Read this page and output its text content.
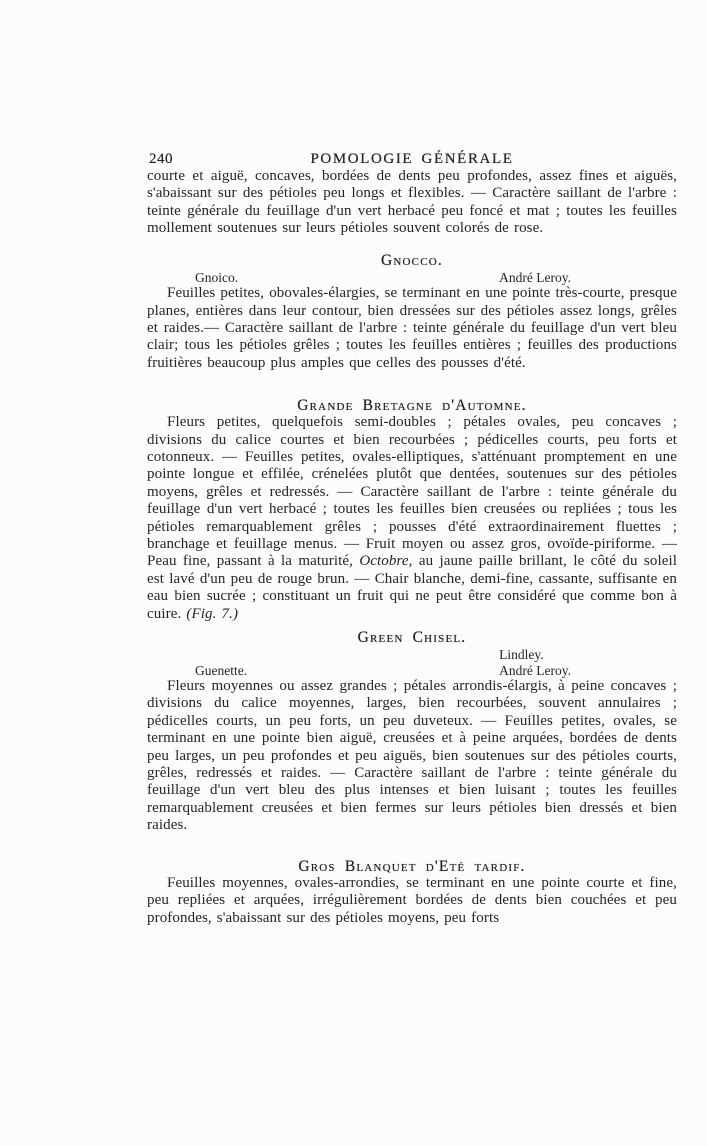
240	POMOLOGIE GÉNÉRALE

courte et aiguë, concaves, bordées de dents peu profondes, assez fines et aiguës, s'abaissant sur des pétioles peu longs et flexibles. — Caractère saillant de l'arbre : teinte générale du feuillage d'un vert herbacé peu foncé et mat ; toutes les feuilles mollement soutenues sur leurs pétioles souvent colorés de rose.

Gnocco.
Gnoico.	André Leroy.

Feuilles petites, obovales-élargies, se terminant en une pointe très-courte, presque planes, entières dans leur contour, bien dressées sur des pétioles assez longs, grêles et raides.— Caractère saillant de l'arbre : teinte générale du feuillage d'un vert bleu clair; tous les pétioles grêles ; toutes les feuilles entières ; feuilles des productions fruitières beaucoup plus amples que celles des pousses d'été.

Grande Bretagne d'Automne.

Fleurs petites, quelquefois semi-doubles ; pétales ovales, peu concaves ; divisions du calice courtes et bien recourbées ; pédicelles courts, peu forts et cotonneux. — Feuilles petites, ovales-elliptiques, s'atténuant promptement en une pointe longue et effilée, crénelées plutôt que dentées, soutenues sur des pétioles moyens, grêles et redressés. — Caractère saillant de l'arbre : teinte générale du feuillage d'un vert herbacé ; toutes les feuilles bien creusées ou repliées ; tous les pétioles remarquablement grêles ; pousses d'été extraordinairement fluettes ; branchage et feuillage menus. — Fruit moyen ou assez gros, ovoïde-piriforme. — Peau fine, passant à la maturité, Octobre, au jaune paille brillant, le côté du soleil est lavé d'un peu de rouge brun. — Chair blanche, demi-fine, cassante, suffisante en eau bien sucrée ; constituant un fruit qui ne peut être considéré que comme bon à cuire. (Fig. 7.)

Green Chisel.
Guenette.
Lindley.
André Leroy.

Fleurs moyennes ou assez grandes ; pétales arrondis-élargis, à peine concaves ; divisions du calice moyennes, larges, bien recourbées, souvent annulaires ; pédicelles courts, un peu forts, un peu duveteux. — Feuilles petites, ovales, se terminant en une pointe bien aiguë, creusées et à peine arquées, bordées de dents peu larges, un peu profondes et peu aiguës, bien soutenues sur des pétioles courts, grêles, redressés et raides. — Caractère saillant de l'arbre : teinte générale du feuillage d'un vert bleu des plus intenses et bien luisant ; toutes les feuilles remarquablement creusées et bien fermes sur leurs pétioles bien dressés et bien raides.

Gros Blanquet d'Eté tardif.

Feuilles moyennes, ovales-arrondies, se terminant en une pointe courte et fine, peu repliées et arquées, irrégulièrement bordées de dents bien couchées et peu profondes, s'abaissant sur des pétioles moyens, peu forts
